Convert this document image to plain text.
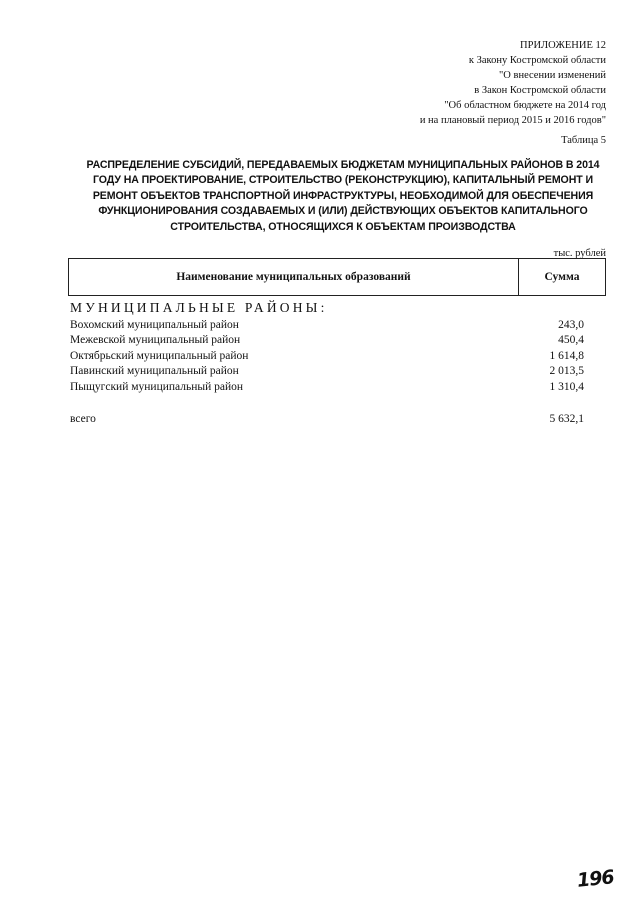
ПРИЛОЖЕНИЕ 12
к Закону Костромской области
"О внесении изменений
в Закон Костромской области
"Об областном бюджете на 2014 год
и на плановый период 2015 и 2016 годов"
Таблица 5
РАСПРЕДЕЛЕНИЕ СУБСИДИЙ, ПЕРЕДАВАЕМЫХ БЮДЖЕТАМ МУНИЦИПАЛЬНЫХ РАЙОНОВ В 2014 ГОДУ НА ПРОЕКТИРОВАНИЕ, СТРОИТЕЛЬСТВО (РЕКОНСТРУКЦИЮ), КАПИТАЛЬНЫЙ РЕМОНТ И РЕМОНТ ОБЪЕКТОВ ТРАНСПОРТНОЙ ИНФРАСТРУКТУРЫ, НЕОБХОДИМОЙ ДЛЯ ОБЕСПЕЧЕНИЯ ФУНКЦИОНИРОВАНИЯ СОЗДАВАЕМЫХ И (ИЛИ) ДЕЙСТВУЮЩИХ ОБЪЕКТОВ КАПИТАЛЬНОГО СТРОИТЕЛЬСТВА, ОТНОСЯЩИХСЯ К ОБЪЕКТАМ ПРОИЗВОДСТВА
тыс. рублей
Наименование муниципальных образований	Сумма
МУНИЦИПАЛЬНЫЕ РАЙОНЫ:
Вохомский муниципальный район	243,0
Межевской муниципальный район	450,4
Октябрьский муниципальный район	1 614,8
Павинский муниципальный район	2 013,5
Пыщугский муниципальный район	1 310,4
всего	5 632,1
196
